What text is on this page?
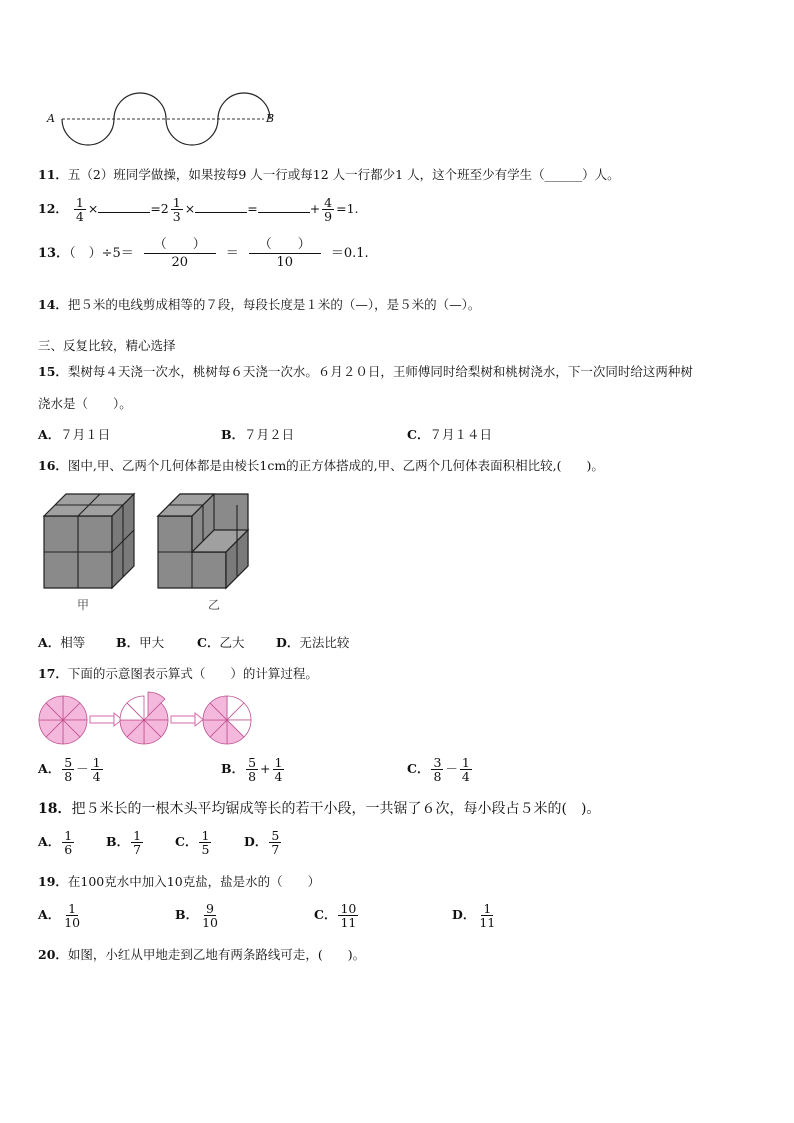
A	B
11．五（2）班同学做操，如果按每9 人一行或每12 人一行都少1 人，这个班至少有学生（______）人。
12． $\frac{1}{4}$ ×	$=2 \frac{1}{3}$ ×	=	+ $\frac{4}{9} =1$.
13．（　）$\div 5= \frac{( )}{20} = \frac{( )}{10} =0.1$.
14．把５米的电线剪成相等的７段，每段长度是１米的（—），是５米的（—）。
三、反复比较，精心选择
15．梨树每４天浇一次水，桃树每６天浇一次水。６月２０日，王师傅同时给梨树和桃树浇水，下一次同时给这两种树
浇水是（　　）。
A．７月１日	B．７月２日	C．７月１４日
16．图中,甲、乙两个几何体都是由棱长1cm的正方体搭成的,甲、乙两个几何体表面积相比较,(　　)。
甲	乙
A．相等 B．甲大	C．乙大	D．无法比较
17．下面的示意图表示算式（　　）的计算过程。
A． $\frac{5}{8} - \frac{1}{4}$	B． $\frac{5}{8} + \frac{1}{4}$	C． $\frac{3}{8} - \frac{1}{4}$
18．把５米长的一根木头平均锯成等长的若干小段，一共锯了６次，每小段占５米的(　)。
A． $\frac{1}{6}$	B． $\frac{1}{7}$	C． $\frac{1}{5}$	D． $\frac{5}{7}$
19．在100克水中加入10克盐，盐是水的（　　）
A． $\frac{1}{10}$	B． $\frac{9}{10}$	C． $\frac{10}{11}$	D． $\frac{1}{11}$
20．如图，小红从甲地走到乙地有两条路线可走，(　　)。
